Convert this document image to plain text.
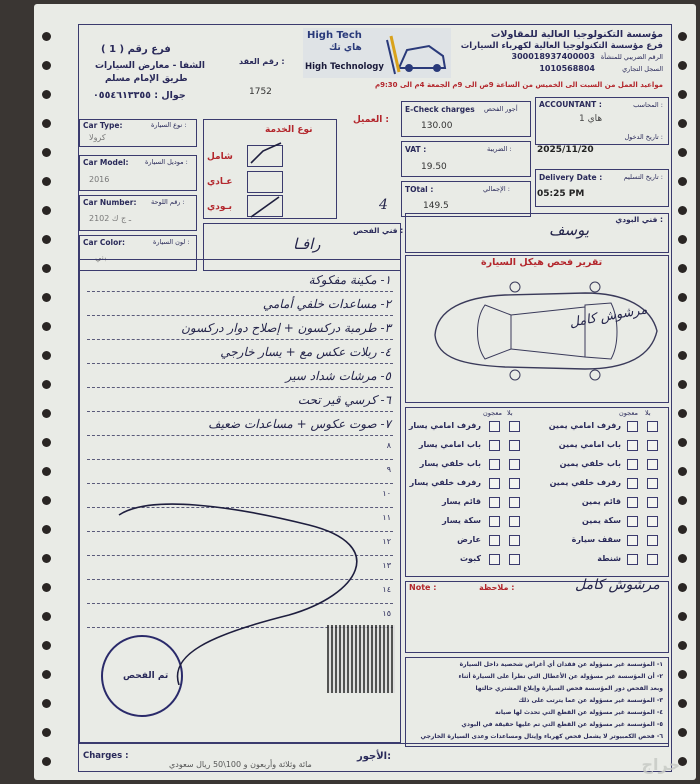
مؤسسة التكنولوجيا العالية للمقاولات
فرع مؤسسة التكنولوجيا العالية لكهرباء السيارات
الرقم الضريبي للمنشأة
300018937400003
السجل التجاري
1010568804
High Tech
هاي تك
High Technology
رقم العقد :
فرع رقم ( 1 )
الشفا - معارض السيارات
طريق الإمام مسلم
جوال : ٠٥٥٤٦١٣٣٥٥	1752
مواعيد العمل من السبت الى الخميس من الساعة 9ص الى 9م الجمعة 4م الى 9:30م
ACCOUNTANT :	المحاسب :
هاي 1
تاريخ الدخول :
2025/11/20
Delivery Date :	تاريخ التسليم :
05:25 PM
E-Check charges أجور الفحص
130.00
VAT :	الضريبة :
19.50
TOtal :	الإجمالي :
149.5
العميل :
Car Type:	نوع السيارة :
كرولا
Car Model:	موديل السيارة :
2016
Car Number: رقم اللوحة :
2102 ـ ج ك
Car Color:	لون السيارة :
بني
نوع الخدمة
شامل
عـادي
بـودي
فني الفحص :
رافـا
4
فني البودي :
يوسف
١- مكينة مفكوكة
٢- مساعدات خلفي أمامي
٣- طرمبة دركسون + إصلاح دوار دركسون
٤- ربلات عكس مع + يسار خارجي
٥- مرشات شداد سير
٦- كرسي قير تحت
٧- صوت عكوس + مساعدات ضعيف
٨
٩
١٠
١١
١٢
١٣
١٤
١٥
تقرير فحص هيكل السيارة
مرشوش كامل
بلا
معجون
بلا
معجون
رفرف امامي يمين
باب امامي يمين
باب خلفي يمين
رفرف خلفي يمين
قائم يمين
سكة يمين
سقف سيارة
شنطة
رفرف امامي يسار
باب امامي يسار
باب خلفي يسار
رفرف خلفي يسار
قائم يسار
سكة يسار
عارض
كبوت
Note :	ملاحظة :	مرشوش كامل
١- المؤسسة غير مسؤولة عن فقدان أي أغراض شخصية داخل السيارة
٢- أن المؤسسة غير مسؤولة عن الأعطال التي تطرأ على السيارة أثناء
وبعد الفحص دور المؤسسة فحص السيارة وإبلاغ المشتري حالتها
٣- المؤسسة غير مسؤولة عن عما يترتب على ذلك
٤- المؤسسة غير مسؤولة عن القطع التي تحدث لها صيانة
٥- المؤسسة غير مسؤولة عن القطع التي تم عليها حقيقة في البودي
٦- فحص الكمبيوتر لا يشمل فحص كهرباء وإيتال ومساعدات وعدى السيارة الخارجي
تم الفحص
Charges :
مائة وثلاثة وأربعون و 100\50 ريال سعودي
الأجور:	حراج
